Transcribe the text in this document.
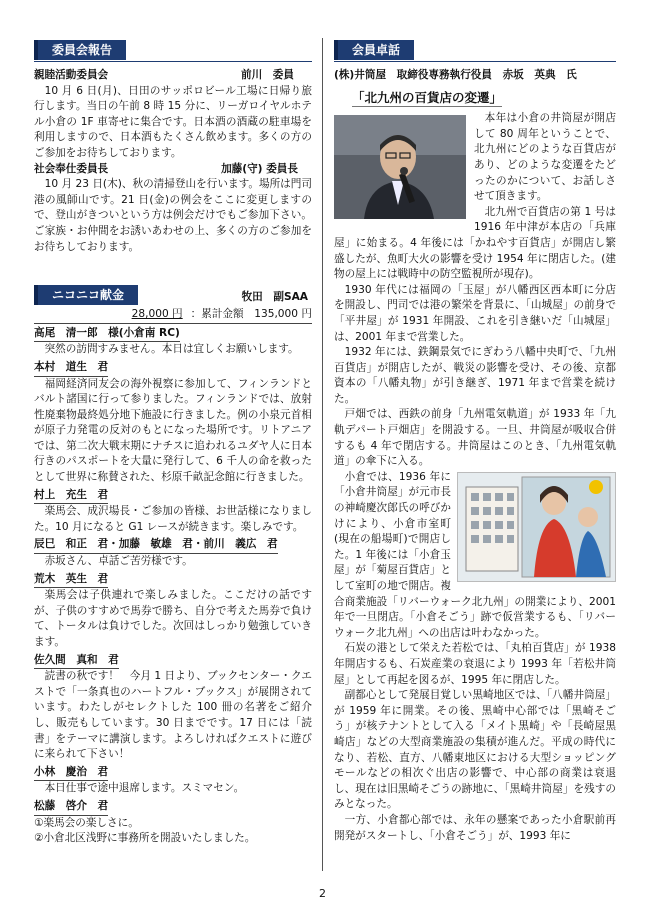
委員会報告
親睦活動委員会	前川　委員

10 月 6 日(月)、日田のサッポロビール工場に日帰り旅行します。当日の午前 8 時 15 分に、リーガロイヤルホテル小倉の 1F 車寄せに集合です。日本酒の酒蔵の駐車場を利用しますので、日本酒もたくさん飲めます。多くの方のご参加をお待ちしております。

社会奉仕委員長	加藤(守) 委員長

10 月 23 日(木)、秋の清掃登山を行います。場所は門司港の風師山です。21 日(金)の例会をここに変更しますので、登山がきついという方は例会だけでもご参加下さい。ご家族・お仲間をお誘いあわせの上、多くの方のご参加をお待ちしております。

ニコニコ献金	牧田　副SAA
28,000 円 ：累計金額　135,000 円
高尾　清一郎　様(小倉南 RC)

突然の訪問すみません。本日は宜しくお願いします。

本村　道生　君

福岡経済同友会の海外視察に参加して、フィンランドとバルト諸国に行って参りました。フィンランドでは、放射性廃棄物最終処分地下施設に行きました。例の小泉元首相が原子力発電の反対のもとになった場所です。リトアニアでは、第二次大戦末期にナチスに追われるユダヤ人に日本行きのパスポートを大量に発行して、6 千人の命を救ったとして世界に称賛された、杉原千畝記念館に行きました。

村上　充生　君

楽馬会、成沢場長・ご参加の皆様、お世話様になりました。10 月になると G1 レースが続きます。楽しみです。

辰巳　和正　君・加藤　敏雄　君・前川　義広　君

赤坂さん、卓話ご苦労様です。

荒木　英生　君

楽馬会は子供連れで楽しみました。ここだけの話ですが、子供のすすめで馬券で勝ち、自分で考えた馬券で負けて、トータルは負けでした。次回はしっかり勉強していきます。

佐久間　真和　君

読書の秋です！　今月 1 日より、ブックセンター・クエストで「一条真也のハートフル・ブックス」が展開されています。わたしがセレクトした 100 冊の名著をご紹介し、販売もしています。30 日までです。17 日には「読書」をテーマに講演します。よろしければクエストに遊びに来られて下さい！

小林　慶治　君

本日仕事で途中退席します。スミマセン。

松藤　啓介　君
①楽馬会の楽しさに。
②小倉北区浅野に事務所を開設いたしました。
会員卓話
(株)井筒屋　取締役専務執行役員　赤坂　英典　氏
「北九州の百貨店の変遷」

本年は小倉の井筒屋が開店して 80 周年ということで、北九州にどのような百貨店があり、どのような変遷をたどったのかについて、お話しさせて頂きます。

北九州で百貨店の第 1 号は 1916 年中津が本店の「兵庫屋」に始まる。4 年後には「かねやす百貨店」が開店し繁盛したが、魚町大火の影響を受け 1954 年に閉店した。(建物の屋上には戦時中の防空監視所が現存)。

1930 年代には福岡の「玉屋」が八幡西区西本町に分店を開設し、門司では港の繁栄を背景に、「山城屋」の前身で「平井屋」が 1931 年開設、これを引き継いだ「山城屋」は、2001 年まで営業した。

1932 年には、鉄鋼景気でにぎわう八幡中央町で、「九州百貨店」が開店したが、戦災の影響を受け、その後、京都資本の「八幡丸物」が引き継ぎ、1971 年まで営業を続けた。

戸畑では、西鉄の前身「九州電気軌道」が 1933 年「九軌デパート戸畑店」を開設する。一旦、井筒屋が吸収合併するも 4 年で閉店する。井筒屋はこのとき、「九州電気軌道」の傘下に入る。

小倉では、1936 年に「小倉井筒屋」が元市長の神崎慶次郎氏の呼びかけにより、小倉市室町(現在の船場町)で開店した。1 年後には「小倉玉屋」が「菊屋百貨店」として室町の地で開店。複合商業施設「リバーウォーク北九州」の開業により、2001 年で一旦閉店。「小倉そごう」跡で仮営業するも、「リバーウォーク北九州」への出店は叶わなかった。

石炭の港として栄えた若松では、「丸柏百貨店」が 1938 年開店するも、石炭産業の衰退により 1993 年「若松井筒屋」として再起を図るが、1995 年に閉店した。

副都心として発展目覚しい黒崎地区では、「八幡井筒屋」が 1959 年に開業。その後、黒崎中心部では「黒崎そごう」が核テナントとして入る「メイト黒崎」や「長崎屋黒崎店」などの大型商業施設の集積が進んだ。平成の時代になり、若松、直方、八幡東地区における大型ショッピングモールなどの相次ぐ出店の影響で、中心部の商業は衰退し、現在は旧黒崎そごうの跡地に、「黒崎井筒屋」を残すのみとなった。

一方、小倉都心部では、永年の懸案であった小倉駅前再開発がスタートし、「小倉そごう」が、1993 年に

2
